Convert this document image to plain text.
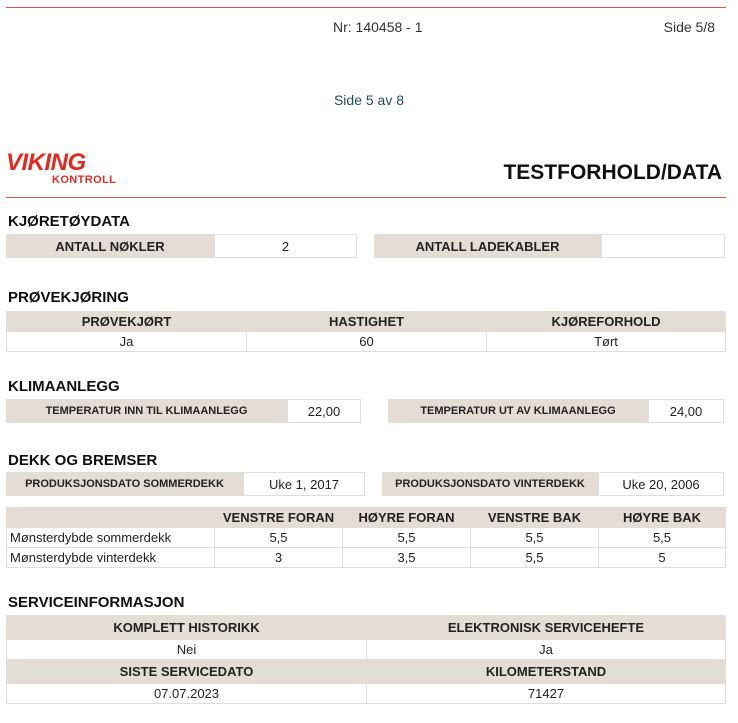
Nr: 140458 - 1	Side 5/8
Side 5 av 8
VIKING
KONTROLL	TESTFORHOLD/DATA
KJØRETØYDATA
ANTALL NØKLER	2	ANTALL LADEKABLER
PRØVEKJØRING
PRØVEKJØRT	HASTIGHET	KJØREFORHOLD
Ja	60	Tørt
KLIMAANLEGG
TEMPERATUR INN TIL KLIMAANLEGG	22,00	TEMPERATUR UT AV KLIMAANLEGG	24,00
DEKK OG BREMSER
PRODUKSJONSDATO SOMMERDEKK	Uke 1, 2017	PRODUKSJONSDATO VINTERDEKK	Uke 20, 2006
	VENSTRE FORAN	HØYRE FORAN	VENSTRE BAK	HØYRE BAK
Mønsterdybde sommerdekk	5,5	5,5	5,5	5,5
Mønsterdybde vinterdekk	3	3,5	5,5	5
SERVICEINFORMASJON
KOMPLETT HISTORIKK	ELEKTRONISK SERVICEHEFTE
Nei	Ja
SISTE SERVICEDATO	KILOMETERSTAND
07.07.2023	71427
